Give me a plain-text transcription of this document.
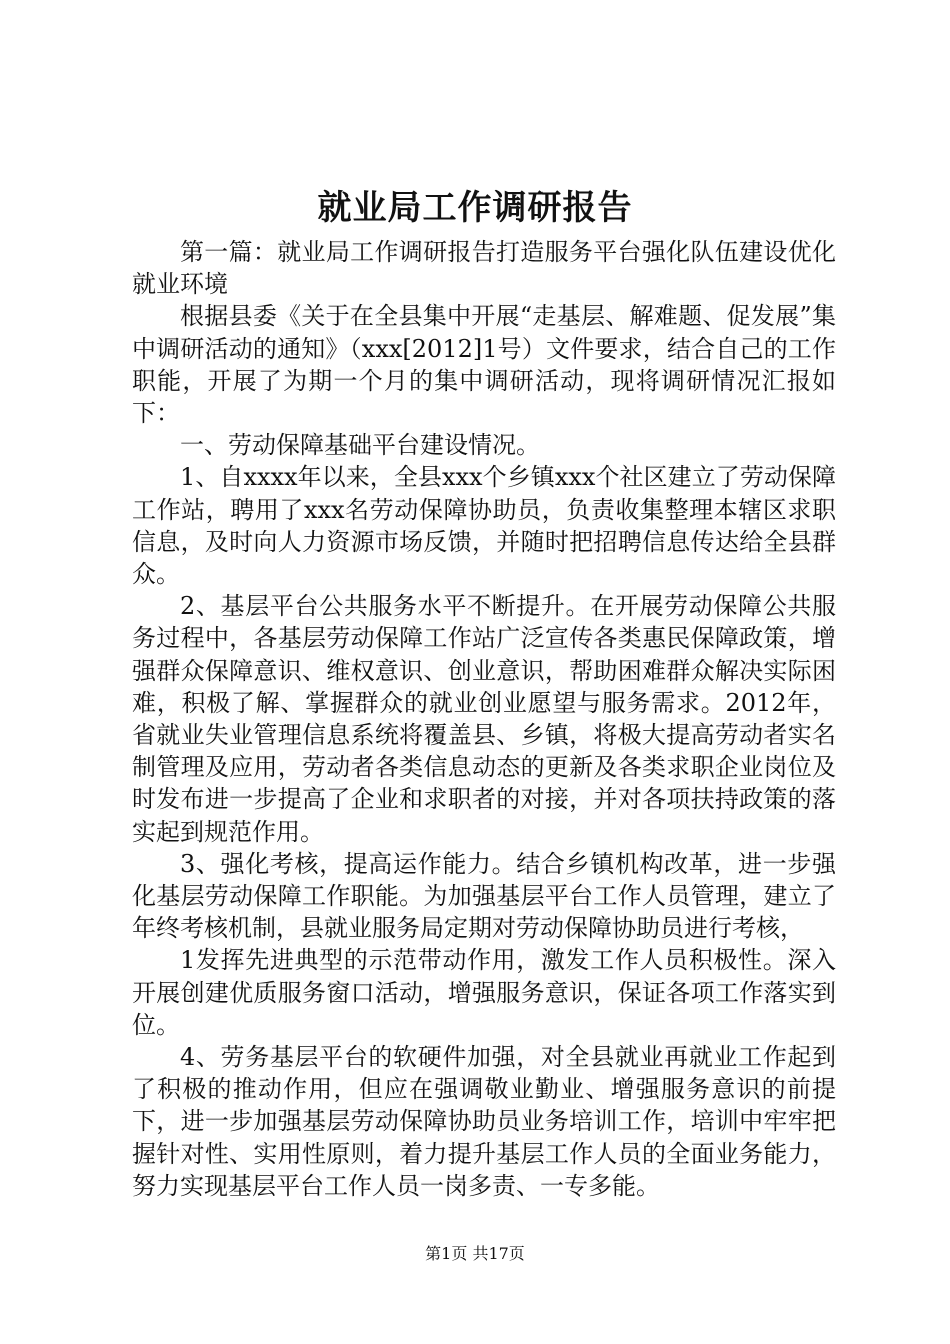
就业局工作调研报告

第一篇：就业局工作调研报告打造服务平台强化队伍建设优化就业环境

根据县委《关于在全县集中开展“走基层、解难题、促发展”集中调研活动的通知》（xxx[2012]1号）文件要求，结合自己的工作职能，开展了为期一个月的集中调研活动，现将调研情况汇报如下：

一、劳动保障基础平台建设情况。

1、自xxxx年以来，全县xxx个乡镇xxx个社区建立了劳动保障工作站，聘用了xxx名劳动保障协助员，负责收集整理本辖区求职信息，及时向人力资源市场反馈，并随时把招聘信息传达给全县群众。

2、基层平台公共服务水平不断提升。在开展劳动保障公共服务过程中，各基层劳动保障工作站广泛宣传各类惠民保障政策，增强群众保障意识、维权意识、创业意识，帮助困难群众解决实际困难，积极了解、掌握群众的就业创业愿望与服务需求。2012年，省就业失业管理信息系统将覆盖县、乡镇，将极大提高劳动者实名制管理及应用，劳动者各类信息动态的更新及各类求职企业岗位及时发布进一步提高了企业和求职者的对接，并对各项扶持政策的落实起到规范作用。

3、强化考核，提高运作能力。结合乡镇机构改革，进一步强化基层劳动保障工作职能。为加强基层平台工作人员管理，建立了年终考核机制，县就业服务局定期对劳动保障协助员进行考核，

1发挥先进典型的示范带动作用，激发工作人员积极性。深入开展创建优质服务窗口活动，增强服务意识，保证各项工作落实到位。

4、劳务基层平台的软硬件加强，对全县就业再就业工作起到了积极的推动作用，但应在强调敬业勤业、增强服务意识的前提下，进一步加强基层劳动保障协助员业务培训工作，培训中牢牢把握针对性、实用性原则，着力提升基层工作人员的全面业务能力，努力实现基层平台工作人员一岗多责、一专多能。

第1页 共17页
